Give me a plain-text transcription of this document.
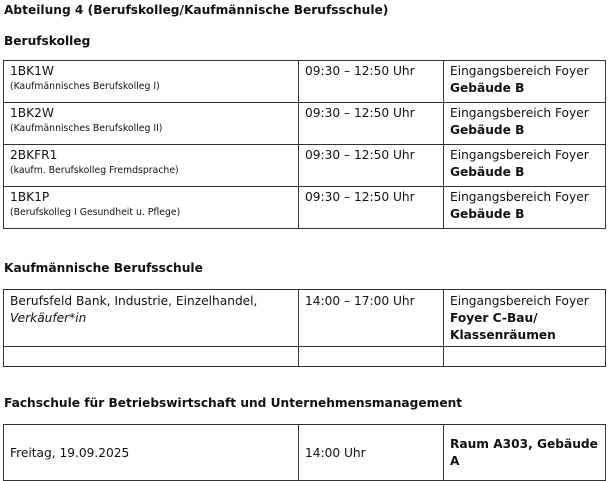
Abteilung 4 (Berufskolleg/Kaufmännische Berufsschule)
Berufskolleg
1BK1W
(Kaufmännisches Berufskolleg I)	09:30 – 12:50 Uhr	Eingangsbereich Foyer
Gebäude B

1BK2W
(Kaufmännisches Berufskolleg II)	09:30 – 12:50 Uhr	Eingangsbereich Foyer
Gebäude B

2BKFR1
(kaufm. Berufskolleg Fremdsprache)	09:30 – 12:50 Uhr	Eingangsbereich Foyer
Gebäude B

1BK1P
(Berufskolleg I Gesundheit u. Pflege)	09:30 – 12:50 Uhr	Eingangsbereich Foyer
Gebäude B
Kaufmännische Berufsschule
Berufsfeld Bank, Industrie, Einzelhandel,
Verkäufer*in	14:00 – 17:00 Uhr	Eingangsbereich Foyer
Foyer C-Bau/
Klassenräumen

Fachschule für Betriebswirtschaft und Unternehmensmanagement
Freitag, 19.09.2025	14:00 Uhr	Raum A303, Gebäude A
